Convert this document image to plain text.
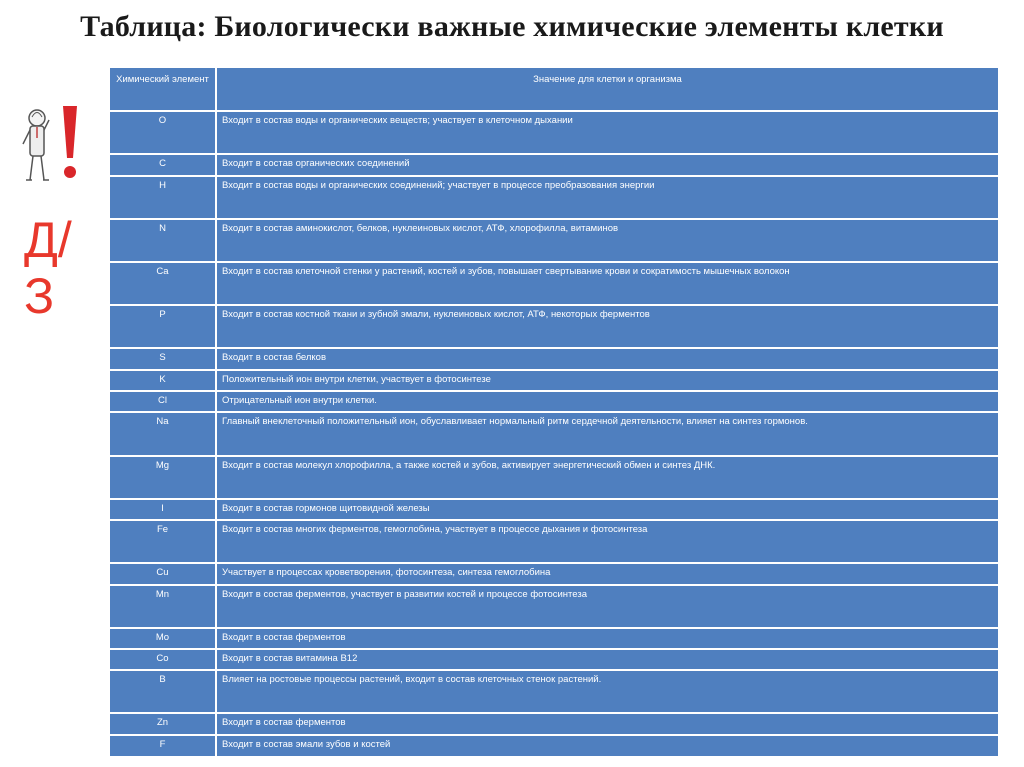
Таблица: Биологически важные химические элементы клетки
Д/
З
Химический элемент	Значение для клетки и организма
O	Входит в состав воды и органических веществ; участвует в клеточном дыхании
C	Входит в состав органических соединений
H	Входит в состав воды и органических соединений; участвует в процессе преобразования энергии
N	Входит в состав аминокислот, белков, нуклеиновых кислот, АТФ, хлорофилла, витаминов
Ca	Входит в состав клеточной стенки у растений, костей и зубов, повышает свертывание крови и сократимость мышечных волокон
P	Входит в состав костной ткани и зубной эмали, нуклеиновых кислот, АТФ, некоторых ферментов
S	Входит в состав белков
K	Положительный ион внутри клетки, участвует в фотосинтезе
Cl	Отрицательный ион внутри клетки.
Na	Главный внеклеточный положительный ион, обуславливает нормальный ритм сердечной деятельности, влияет на синтез гормонов.
Mg	Входит в состав молекул хлорофилла, а также костей и зубов, активирует энергетический обмен и синтез ДНК.
I	Входит в состав гормонов щитовидной железы
Fe	Входит в состав многих ферментов, гемоглобина, участвует в процессе дыхания и фотосинтеза
Cu	Участвует в процессах кроветворения, фотосинтеза, синтеза гемоглобина
Mn	Входит в состав ферментов, участвует в развитии костей и процессе фотосинтеза
Mo	Входит в состав ферментов
Co	Входит в состав витамина B12
B	Влияет на ростовые процессы растений, входит в состав клеточных стенок растений.
Zn	Входит в состав ферментов
F	Входит в состав эмали зубов и костей
